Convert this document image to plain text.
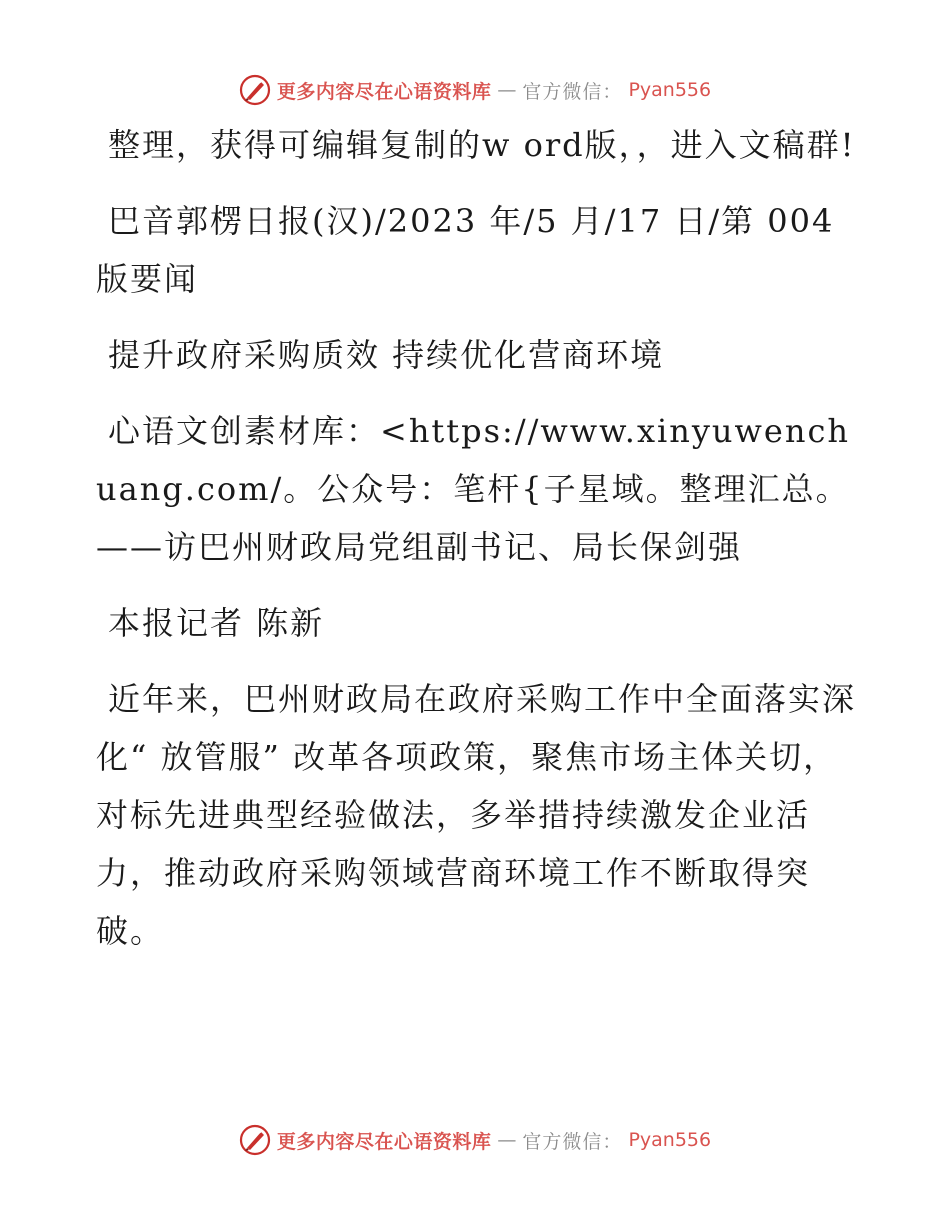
更多内容尽在心语资料库 — 官方微信： Pyan556

整理，获得可编辑复制的w ord版，，进入文稿群!

巴音郭楞日报(汉)/2023 年/5 月/17 日/第 004 版要闻

提升政府采购质效 持续优化营商环境

心语文创素材库：<https://www.xinyuwenchuang.com/。公众号：笔杆{子星域。整理汇总。——访巴州财政局党组副书记、局长保剑强

本报记者 陈新

近年来，巴州财政局在政府采购工作中全面落实深化“ 放管服” 改革各项政策，聚焦市场主体关切，对标先进典型经验做法，多举措持续激发企业活力，推动政府采购领域营商环境工作不断取得突破。

更多内容尽在心语资料库 — 官方微信： Pyan556
